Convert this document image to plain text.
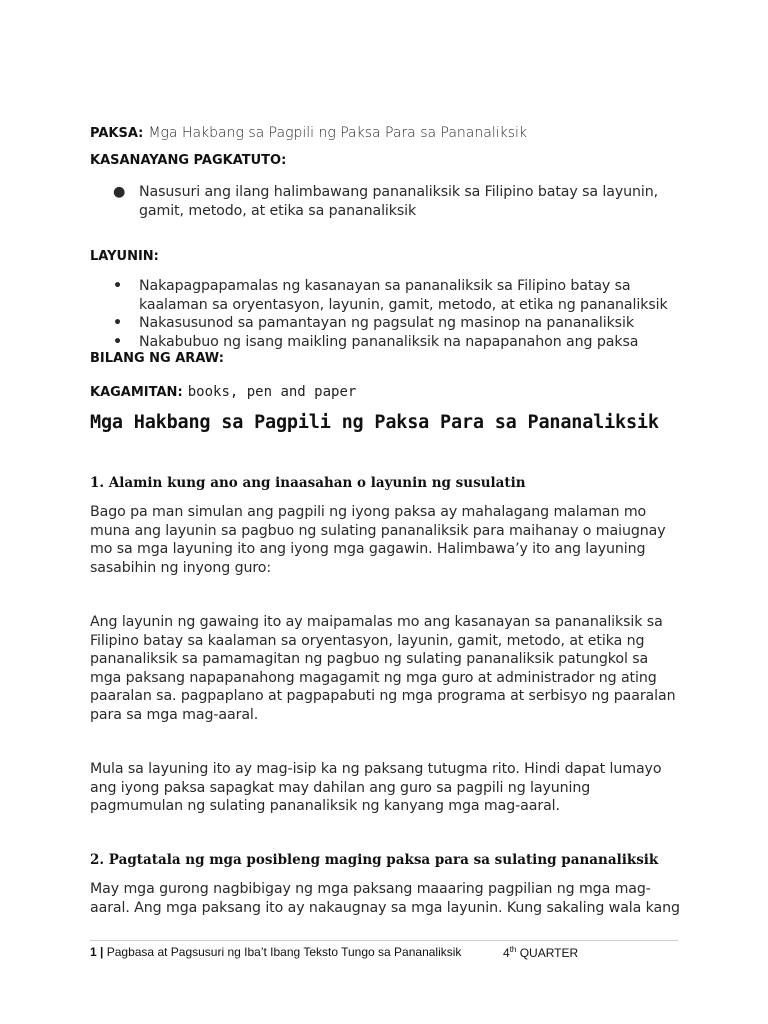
PAKSA: Mga Hakbang sa Pagpili ng Paksa Para sa Pananaliksik
KASANAYANG PAGKATUTO:
● Nasusuri ang ilang halimbawang pananaliksik sa Filipino batay sa layunin, gamit, metodo, at etika sa pananaliksik
LAYUNIN:
• Nakapagpapamalas ng kasanayan sa pananaliksik sa Filipino batay sa kaalaman sa oryentasyon, layunin, gamit, metodo, at etika ng pananaliksik
• Nakasusunod sa pamantayan ng pagsulat ng masinop na pananaliksik
• Nakabubuo ng isang maikling pananaliksik na napapanahon ang paksa
BILANG NG ARAW:
KAGAMITAN: books, pen and paper
Mga Hakbang sa Pagpili ng Paksa Para sa Pananaliksik
1. Alamin kung ano ang inaasahan o layunin ng susulatin
Bago pa man simulan ang pagpili ng iyong paksa ay mahalagang malaman mo muna ang layunin sa pagbuo ng sulating pananaliksik para maihanay o maiugnay mo sa mga layuning ito ang iyong mga gagawin. Halimbawa’y ito ang layuning sasabihin ng inyong guro:
Ang layunin ng gawaing ito ay maipamalas mo ang kasanayan sa pananaliksik sa Filipino batay sa kaalaman sa oryentasyon, layunin, gamit, metodo, at etika ng pananaliksik sa pamamagitan ng pagbuo ng sulating pananaliksik patungkol sa mga paksang napapanahong magagamit ng mga guro at administrador ng ating paaralan sa. pagpaplano at pagpapabuti ng mga programa at serbisyo ng paaralan para sa mga mag-aaral.
Mula sa layuning ito ay mag-isip ka ng paksang tutugma rito. Hindi dapat lumayo ang iyong paksa sapagkat may dahilan ang guro sa pagpili ng layuning pagmumulan ng sulating pananaliksik ng kanyang mga mag-aaral.
2. Pagtatala ng mga posibleng maging paksa para sa sulating pananaliksik
May mga gurong nagbibigay ng mga paksang maaaring pagpilian ng mga mag-aaral. Ang mga paksang ito ay nakaugnay sa mga layunin. Kung sakaling wala kang
1 | Pagbasa at Pagsusuri ng Iba’t Ibang Teksto Tungo sa Pananaliksik	4th QUARTER
